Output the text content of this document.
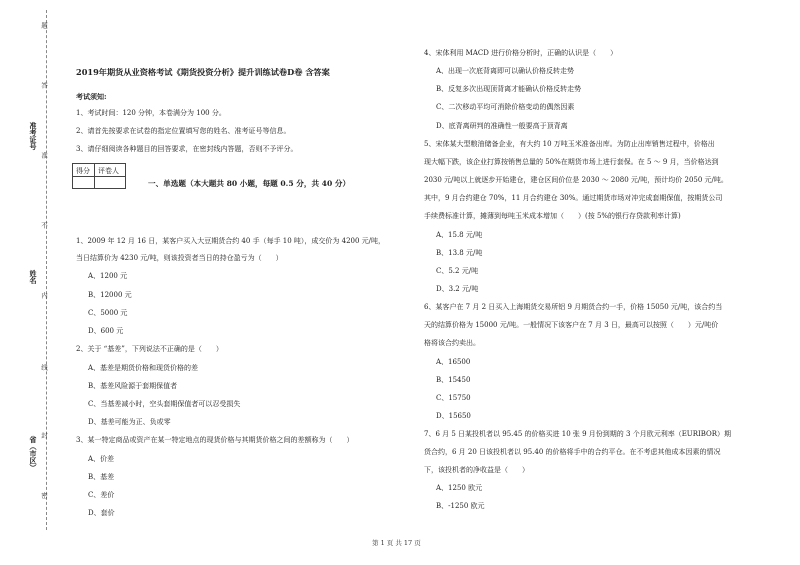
题
答
准考证号
准
不
姓名
内
线
封
省（市区）
密
2019年期货从业资格考试《期货投资分析》提升训练试卷D卷 含答案
考试须知:
1、考试时间：120 分钟，本卷满分为 100 分。
2、请首先按要求在试卷的指定位置填写您的姓名、准考证号等信息。
3、请仔细阅读各种题目的回答要求，在密封线内答题，否则不予评分。
得分 评卷人
一、单选题（本大题共 80 小题，每题 0.5 分，共 40 分）
1、2009 年 12 月 16 日，某客户买入大豆期货合约 40 手（每手 10 吨），成交价为 4200 元/吨，
当日结算价为 4230 元/吨，则该投资者当日的持仓盈亏为（　　）
A、1200 元
B、12000 元
C、5000 元
D、600 元
2、关于 “基差”，下列说法不正确的是（　　）
A、基差是期货价格和现货价格的差
B、基差风险源于套期保值者
C、当基差减小时，空头套期保值者可以忍受损失
D、基差可能为正、负或零
3、某一特定商品或资产在某一特定地点的现货价格与其期货价格之间的差额称为（　　）
A、价差
B、基差
C、差价
D、套价
4、宋体利用 MACD 进行价格分析时，正确的认识是（　　）
A、出现一次底背离即可以确认价格反转走势
B、反复多次出现顶背离才能确认价格反转走势
C、二次移动平均可消除价格变动的偶然因素
D、底背离研判的准确性一般要高于顶背离
5、宋体某大型粮油储备企业，有大约 10 万吨玉米准备出库。为防止出库销售过程中，价格出
现大幅下跌，该企业打算按销售总量的 50%在期货市场上进行套保。在 5 ～ 9 月，当价格达到
2030 元/吨以上就逐步开始建仓，建仓区间价位是 2030 ～ 2080 元/吨，预计均价 2050 元/吨。
其中，9 月合约建仓 70%，11 月合约建仓 30%。通过期货市场对冲完成套期保值，按期货公司
手续费标准计算，摊薄到每吨玉米成本增加（　　）(按 5%的银行存贷款利率计算)
A、15.8 元/吨
B、13.8 元/吨
C、5.2 元/吨
D、3.2 元/吨
6、某客户在 7 月 2 日买入上海期货交易所铝 9 月期货合约一手，价格 15050 元/吨，该合约当
天的结算价格为 15000 元/吨。一般情况下该客户在 7 月 3 日，最高可以按照（　　）元/吨价
格将该合约卖出。
A、16500
B、15450
C、15750
D、15650
7、6 月 5 日某投机者以 95.45 的价格买进 10 张 9 月份到期的 3 个月欧元利率（EURIBOR）期
货合约，6 月 20 日该投机者以 95.40 的价格将手中的合约平仓。在不考虑其他成本因素的情况
下，该投机者的净收益是（　　）
A、1250 欧元
B、-1250 欧元
第 1 页 共 17 页
